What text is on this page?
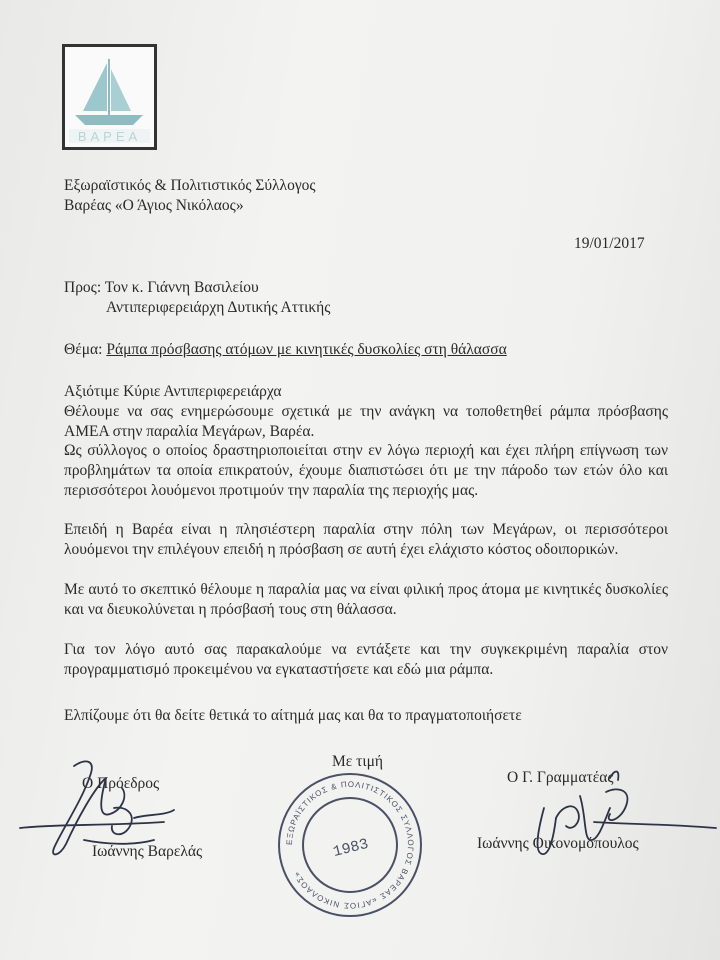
ΒΑΡΕΑ
Εξωραϊστικός & Πολιτιστικός Σύλλογος
Βαρέας «Ο Άγιος Νικόλαος»
19/01/2017
Προς: Τον κ. Γιάννη Βασιλείου
Αντιπεριφερειάρχη Δυτικής Αττικής
Θέμα: Ράμπα πρόσβασης ατόμων με κινητικές δυσκολίες στη θάλασσα
Αξιότιμε Κύριε Αντιπεριφερειάρχα
Θέλουμε να σας ενημερώσουμε σχετικά με την ανάγκη να τοποθετηθεί ράμπα πρόσβασης ΑΜΕΑ στην παραλία Μεγάρων, Βαρέα.
Ως σύλλογος ο οποίος δραστηριοποιείται στην εν λόγω περιοχή και έχει πλήρη επίγνωση των προβλημάτων τα οποία επικρατούν, έχουμε διαπιστώσει ότι με την πάροδο των ετών όλο και περισσότεροι λουόμενοι προτιμούν την παραλία της περιοχής μας.
Επειδή η Βαρέα είναι η πλησιέστερη παραλία στην πόλη των Μεγάρων, οι περισσότεροι λουόμενοι την επιλέγουν επειδή η πρόσβαση σε αυτή έχει ελάχιστο κόστος οδοιπορικών.
Με αυτό το σκεπτικό θέλουμε η παραλία μας να είναι φιλική προς άτομα με κινητικές δυσκολίες και να διευκολύνεται η πρόσβασή τους στη θάλασσα.
Για τον λόγο αυτό σας παρακαλούμε να εντάξετε και την συγκεκριμένη παραλία στον προγραμματισμό προκειμένου να εγκαταστήσετε και εδώ μια ράμπα.
Ελπίζουμε ότι θα δείτε θετικά το αίτημά μας και θα το πραγματοποιήσετε
Με τιμή
Ο Πρόεδρος
Ιωάννης Βαρελάς
Ο Γ. Γραμματέας
Ιωάννης Οικονομόπουλος
ΕΞΩΡΑΪΣΤΙΚΟΣ & ΠΟΛΙΤΙΣΤΙΚΟΣ ΣΥΛΛΟΓΟΣ ΒΑΡΕΑΣ «ΑΓΙΟΣ ΝΙΚΟΛΑΟΣ»
1983
